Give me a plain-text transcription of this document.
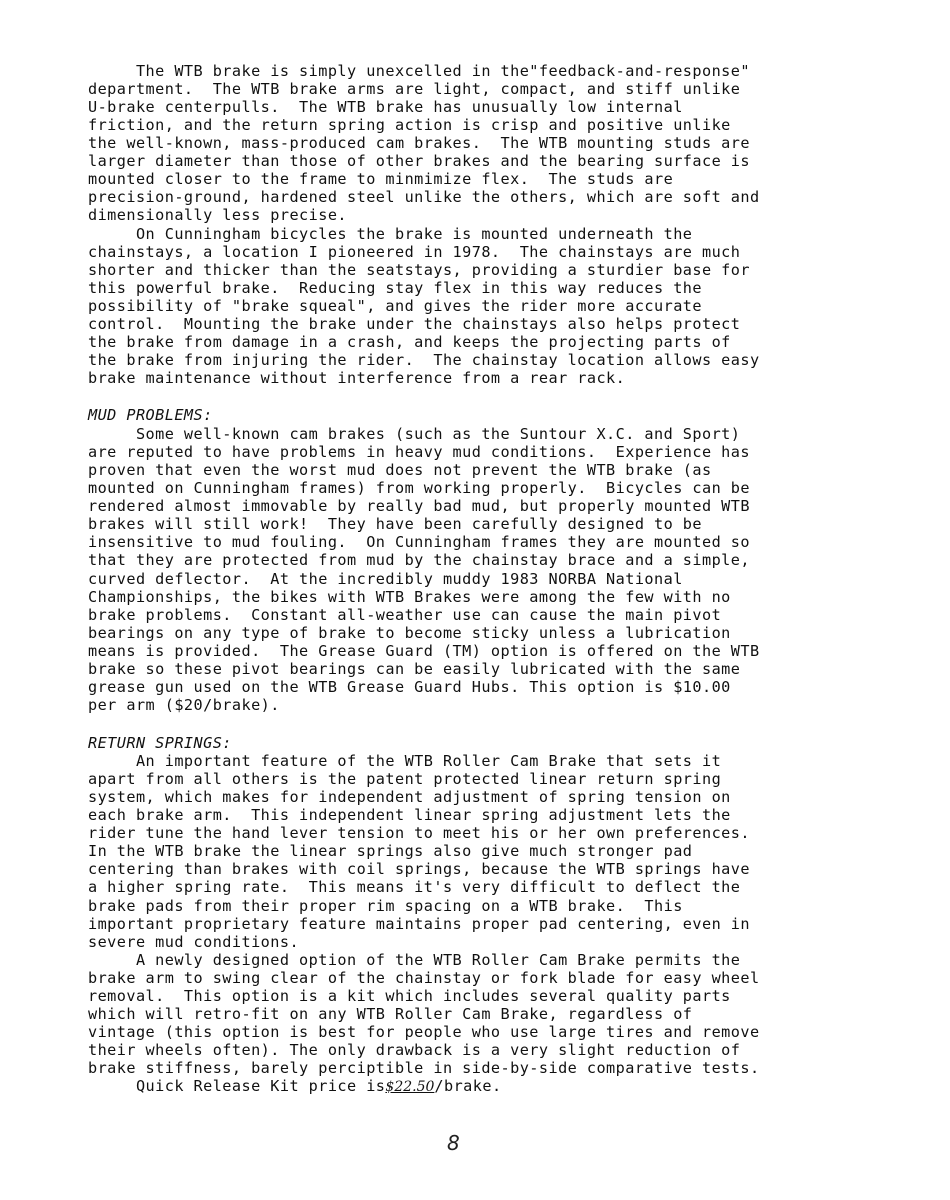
The WTB brake is simply unexcelled in the"feedback-and-response"
department.  The WTB brake arms are light, compact, and stiff unlike
U-brake centerpulls.  The WTB brake has unusually low internal
friction, and the return spring action is crisp and positive unlike
the well-known, mass-produced cam brakes.  The WTB mounting studs are
larger diameter than those of other brakes and the bearing surface is
mounted closer to the frame to minmimize flex.  The studs are
precision-ground, hardened steel unlike the others, which are soft and
dimensionally less precise.
On Cunningham bicycles the brake is mounted underneath the
chainstays, a location I pioneered in 1978.  The chainstays are much
shorter and thicker than the seatstays, providing a sturdier base for
this powerful brake.  Reducing stay flex in this way reduces the
possibility of "brake squeal", and gives the rider more accurate
control.  Mounting the brake under the chainstays also helps protect
the brake from damage in a crash, and keeps the projecting parts of
the brake from injuring the rider.  The chainstay location allows easy
brake maintenance without interference from a rear rack.
MUD PROBLEMS:
Some well-known cam brakes (such as the Suntour X.C. and Sport)
are reputed to have problems in heavy mud conditions.  Experience has
proven that even the worst mud does not prevent the WTB brake (as
mounted on Cunningham frames) from working properly.  Bicycles can be
rendered almost immovable by really bad mud, but properly mounted WTB
brakes will still work!  They have been carefully designed to be
insensitive to mud fouling.  On Cunningham frames they are mounted so
that they are protected from mud by the chainstay brace and a simple,
curved deflector.  At the incredibly muddy 1983 NORBA National
Championships, the bikes with WTB Brakes were among the few with no
brake problems.  Constant all-weather use can cause the main pivot
bearings on any type of brake to become sticky unless a lubrication
means is provided.  The Grease Guard (TM) option is offered on the WTB
brake so these pivot bearings can be easily lubricated with the same
grease gun used on the WTB Grease Guard Hubs. This option is $10.00
per arm ($20/brake).
RETURN SPRINGS:
An important feature of the WTB Roller Cam Brake that sets it
apart from all others is the patent protected linear return spring
system, which makes for independent adjustment of spring tension on
each brake arm.  This independent linear spring adjustment lets the
rider tune the hand lever tension to meet his or her own preferences.
In the WTB brake the linear springs also give much stronger pad
centering than brakes with coil springs, because the WTB springs have
a higher spring rate.  This means it's very difficult to deflect the
brake pads from their proper rim spacing on a WTB brake.  This
important proprietary feature maintains proper pad centering, even in
severe mud conditions.
A newly designed option of the WTB Roller Cam Brake permits the
brake arm to swing clear of the chainstay or fork blade for easy wheel
removal.  This option is a kit which includes several quality parts
which will retro-fit on any WTB Roller Cam Brake, regardless of
vintage (this option is best for people who use large tires and remove
their wheels often). The only drawback is a very slight reduction of
brake stiffness, barely perciptible in side-by-side comparative tests.
Quick Release Kit price is$22.50/brake.
8
